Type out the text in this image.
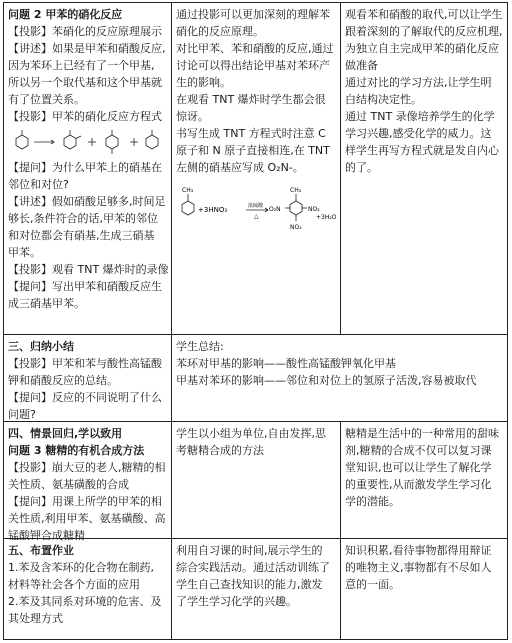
问题 2 甲苯的硝化反应
【投影】苯硝化的反应原理展示
【讲述】如果是甲苯和硝酸反应,
因为苯环上已经有了一个甲基,
所以另一个取代基和这个甲基就
有了位置关系。
【投影】甲苯的硝化反应方程式
【提问】为什么甲苯上的硝基在
邻位和对位?
【讲述】假如硝酸足够多,时间足
够长,条件符合的话,甲苯的邻位
和对位都会有硝基,生成三硝基
甲苯。
【投影】观看 TNT 爆炸时的录像
【提问】写出甲苯和硝酸反应生
成三硝基甲苯。
通过投影可以更加深刻的理解苯
硝化的反应原理。
对比甲苯、苯和硝酸的反应,通过
讨论可以得出结论甲基对苯环产
生的影响。
在观看 TNT 爆炸时学生都会很
惊讶。
书写生成 TNT 方程式时注意 C
原子和 N 原子直接相连,在 TNT
左侧的硝基应写成 O₂N-。
CH₃
+3HNO₃	浓硫酸
△
O₂N
CH₃
NO₂
NO₂
+3H₂O
观看苯和硝酸的取代,可以让学生
跟着深刻的了解取代的反应机理,
为独立自主完成甲苯的硝化反应
做准备
通过对比的学习方法,让学生明
白结构决定性。
通过 TNT 录像培养学生的化学
学习兴趣,感受化学的威力。这
样学生再写方程式就是发自内心
的了。
三、归纳小结
【投影】甲苯和苯与酸性高锰酸
钾和硝酸反应的总结。
【提问】反应的不同说明了什么
问题?
学生总结:
苯环对甲基的影响——酸性高锰酸钾氧化甲基
甲基对苯环的影响——邻位和对位上的氢原子活泼,容易被取代
四、情景回归,学以致用
问题 3 糖精的有机合成方法
【投影】崩大豆的老人,糖精的相
关性质、氨基磺酸的合成
【提问】用课上所学的甲苯的相
关性质,利用甲苯、氨基磺酸、高
锰酸钾合成糖精
学生以小组为单位,自由发挥,思
考糖精合成的方法
糖精是生活中的一种常用的甜味
剂,糖精的合成不仅可以复习课
堂知识,也可以让学生了解化学
的重要性,从而激发学生学习化
学的潜能。
五、布置作业
1.苯及含苯环的化合物在制药,
材料等社会各个方面的应用
2.苯及其同系对环境的危害、及
其处理方式
利用自习课的时间,展示学生的
综合实践活动。通过活动训练了
学生自己查找知识的能力,激发
了学生学习化学的兴趣。
知识积累,看待事物都得用辩证
的唯物主义,事物都有不尽如人
意的一面。
